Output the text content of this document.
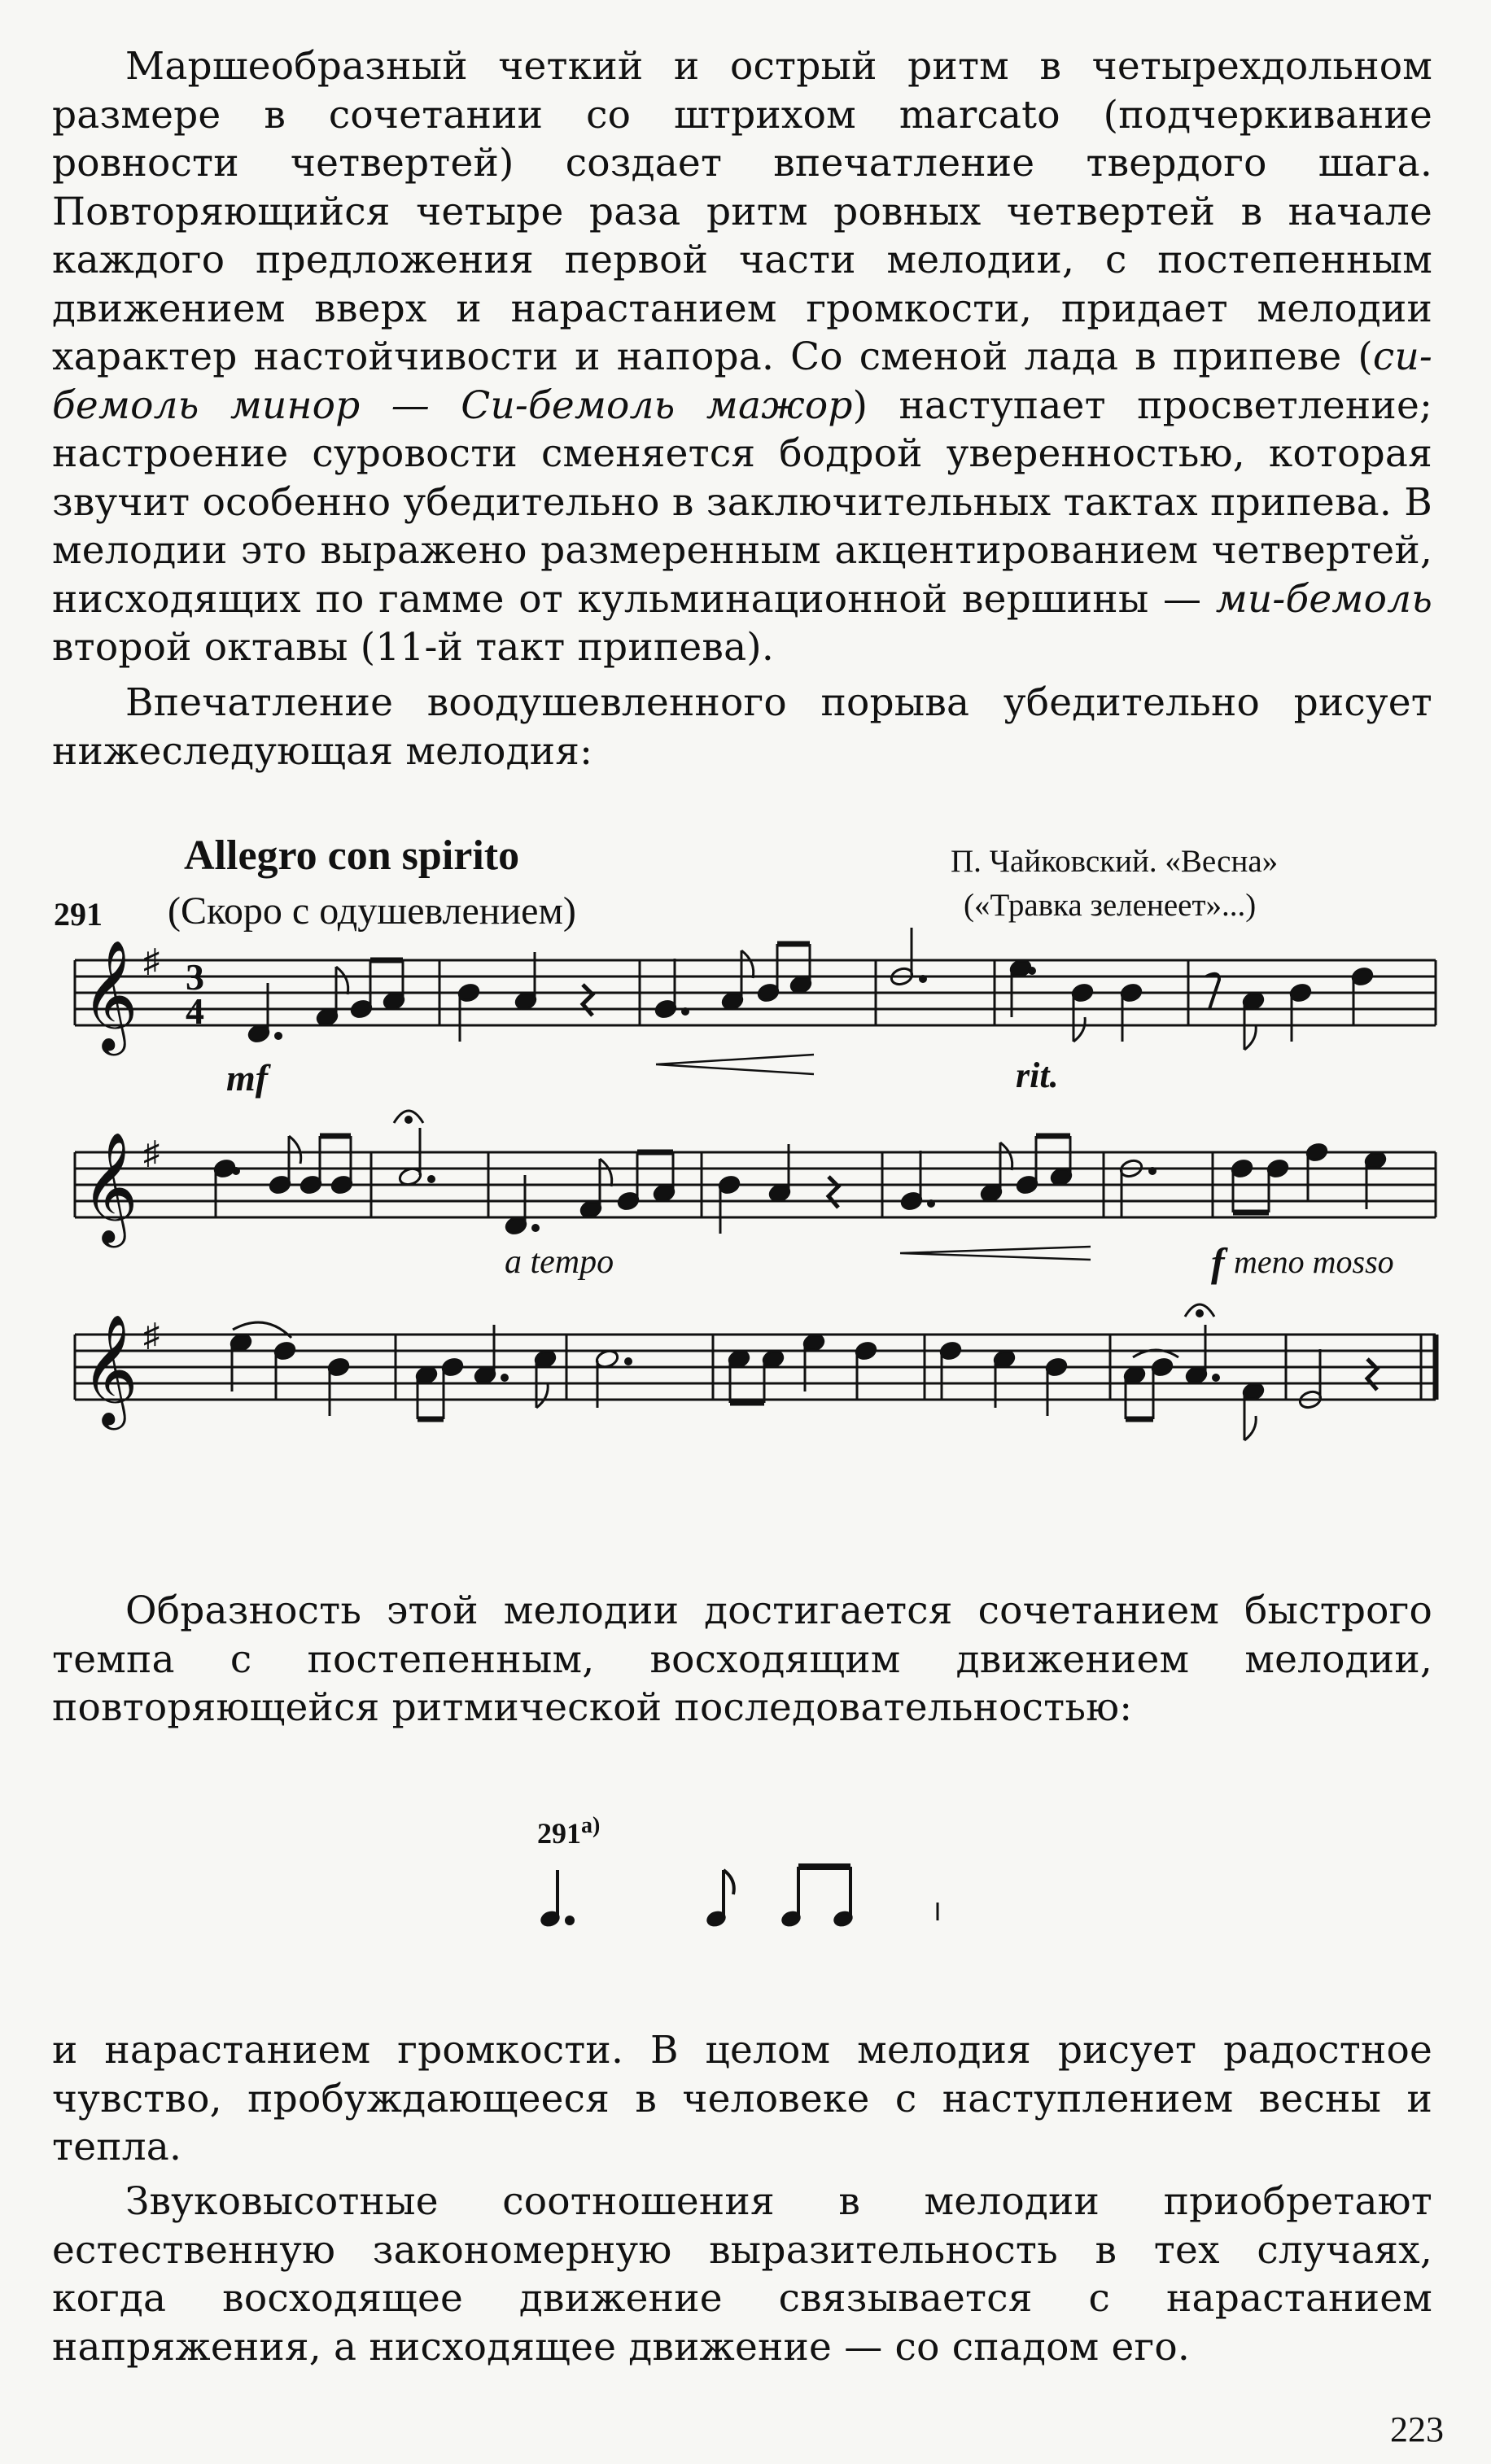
Маршеобразный четкий и острый ритм в четырехдольном размере в сочетании со штрихом marcato (подчеркивание ровности четвертей) создает впечатление твердого шага. Повторяющийся четыре раза ритм ровных четвертей в начале каждого предложения первой части мелодии, с постепенным движением вверх и нарастанием громкости, придает мелодии характер настойчивости и напора. Со сменой лада в припеве (си-бемоль минор — Си-бемоль мажор) наступает просветление; настроение суровости сменяется бодрой уверенностью, которая звучит особенно убедительно в заключительных тактах припева. В мелодии это выражено размеренным акцентированием четвертей, нисходящих по гамме от кульминационной вершины — ми-бемоль второй октавы (11-й такт припева).

Впечатление воодушевленного порыва убедительно рисует нижеследующая мелодия:

Allegro con spirito
291 (Скоро с одушевлением)
П. Чайковский. «Весна»
(«Травка зеленеет»...)
𝄞
𝄞
𝄞
♯
♯
♯
3
4
mf	rit.
a tempo	f meno mosso

Образность этой мелодии достигается сочетанием быстрого темпа с постепенным, восходящим движением мелодии, повторяющейся ритмической последовательностью:

291$^{a)}$

и нарастанием громкости. В целом мелодия рисует радостное чувство, пробуждающееся в человеке с наступлением весны и тепла.

Звуковысотные соотношения в мелодии приобретают естественную закономерную выразительность в тех случаях, когда восходящее движение связывается с нарастанием напряжения, а нисходящее движение — со спадом его.

223
